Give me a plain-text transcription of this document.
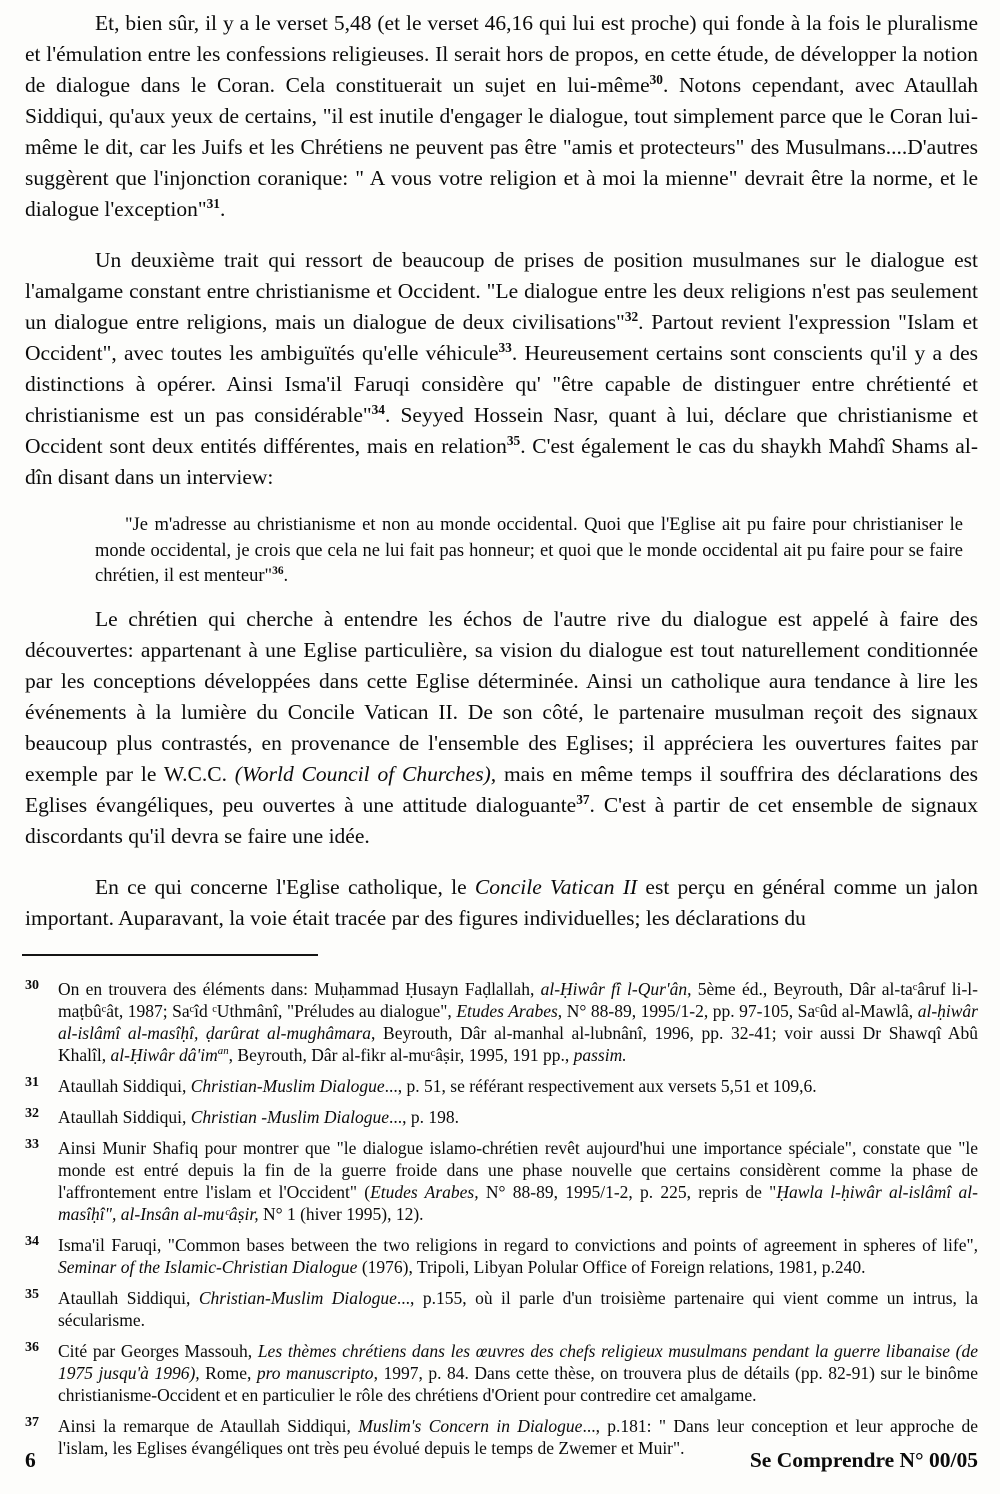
Et, bien sûr, il y a le verset 5,48 (et le verset 46,16 qui lui est proche) qui fonde à la fois le pluralisme et l'émulation entre les confessions religieuses. Il serait hors de propos, en cette étude, de développer la notion de dialogue dans le Coran. Cela constituerait un sujet en lui-même$^{30}$. Notons cependant, avec Ataullah Siddiqui, qu'aux yeux de certains, "il est inutile d'engager le dialogue, tout simplement parce que le Coran lui-même le dit, car les Juifs et les Chrétiens ne peuvent pas être "amis et protecteurs" des Musulmans....D'autres suggèrent que l'injonction coranique: " A vous votre religion et à moi la mienne" devrait être la norme, et le dialogue l'exception"$^{31}$.

Un deuxième trait qui ressort de beaucoup de prises de position musulmanes sur le dialogue est l'amalgame constant entre christianisme et Occident. "Le dialogue entre les deux religions n'est pas seulement un dialogue entre religions, mais un dialogue de deux civilisations"$^{32}$. Partout revient l'expression "Islam et Occident", avec toutes les ambiguïtés qu'elle véhicule$^{33}$. Heureusement certains sont conscients qu'il y a des distinctions à opérer. Ainsi Isma'il Faruqi considère qu' "être capable de distinguer entre chrétienté et christianisme est un pas considérable"$^{34}$. Seyyed Hossein Nasr, quant à lui, déclare que christianisme et Occident sont deux entités différentes, mais en relation$^{35}$. C'est également le cas du shaykh Mahdî Shams al-dîn disant dans un interview:

"Je m'adresse au christianisme et non au monde occidental. Quoi que l'Eglise ait pu faire pour christianiser le monde occidental, je crois que cela ne lui fait pas honneur; et quoi que le monde occidental ait pu faire pour se faire chrétien, il est menteur"$^{36}$.

Le chrétien qui cherche à entendre les échos de l'autre rive du dialogue est appelé à faire des découvertes: appartenant à une Eglise particulière, sa vision du dialogue est tout naturellement conditionnée par les conceptions développées dans cette Eglise déterminée. Ainsi un catholique aura tendance à lire les événements à la lumière du Concile Vatican II. De son côté, le partenaire musulman reçoit des signaux beaucoup plus contrastés, en provenance de l'ensemble des Eglises; il appréciera les ouvertures faites par exemple par le W.C.C. (World Council of Churches), mais en même temps il souffrira des déclarations des Eglises évangéliques, peu ouvertes à une attitude dialoguante$^{37}$. C'est à partir de cet ensemble de signaux discordants qu'il devra se faire une idée.

En ce qui concerne l'Eglise catholique, le Concile Vatican II est perçu en général comme un jalon important. Auparavant, la voie était tracée par des figures individuelles; les déclarations du

30 On en trouvera des éléments dans: Muḥammad Ḥusayn Faḍlallah, al-Ḥiwâr fî l-Qur'ân, 5ème éd., Beyrouth, Dâr al-taᶜâruf li-l-maṭbûᶜât, 1987; Saᶜîd ᶜUthmânî, "Préludes au dialogue", Etudes Arabes, N° 88-89, 1995/1-2, pp. 97-105, Saᶜûd al-Mawlâ, al-ḥiwâr al-islâmî al-masîḥî, ḍarûrat al-mughâmara, Beyrouth, Dâr al-manhal al-lubnânî, 1996, pp. 32-41; voir aussi Dr Shawqî Abû Khalîl, al-Ḥiwâr $dâ'im^{an}$, Beyrouth, Dâr al-fikr al-muᶜâṣir, 1995, 191 pp., passim.
31 Ataullah Siddiqui, Christian-Muslim Dialogue..., p. 51, se référant respectivement aux versets 5,51 et 109,6.
32 Ataullah Siddiqui, Christian -Muslim Dialogue..., p. 198.
33 Ainsi Munir Shafiq pour montrer que "le dialogue islamo-chrétien revêt aujourd'hui une importance spéciale", constate que "le monde est entré depuis la fin de la guerre froide dans une phase nouvelle que certains considèrent comme la phase de l'affrontement entre l'islam et l'Occident" (Etudes Arabes, N° 88-89, 1995/1-2, p. 225, repris de "Ḥawla l-ḥiwâr al-islâmî al-masîḥî", al-Insân al-muᶜâṣir, N° 1 (hiver 1995), 12).
34 Isma'il Faruqi, "Common bases between the two religions in regard to convictions and points of agreement in spheres of life", Seminar of the Islamic-Christian Dialogue (1976), Tripoli, Libyan Polular Office of Foreign relations, 1981, p.240.
35 Ataullah Siddiqui, Christian-Muslim Dialogue..., p.155, où il parle d'un troisième partenaire qui vient comme un intrus, la sécularisme.
36 Cité par Georges Massouh, Les thèmes chrétiens dans les œuvres des chefs religieux musulmans pendant la guerre libanaise (de 1975 jusqu'à 1996), Rome, pro manuscripto, 1997, p. 84. Dans cette thèse, on trouvera plus de détails (pp. 82-91) sur le binôme christianisme-Occident et en particulier le rôle des chrétiens d'Orient pour contredire cet amalgame.
37 Ainsi la remarque de Ataullah Siddiqui, Muslim's Concern in Dialogue..., p.181: " Dans leur conception et leur approche de l'islam, les Eglises évangéliques ont très peu évolué depuis le temps de Zwemer et Muir".
6	Se Comprendre N° 00/05
